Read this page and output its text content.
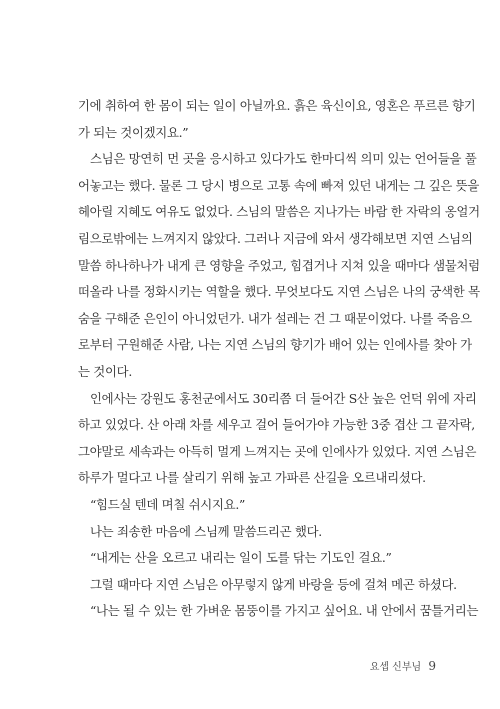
기에 취하여 한 몸이 되는 일이 아닐까요. 흙은 육신이요, 영혼은 푸르른 향기
가 되는 것이겠지요.”
스님은 망연히 먼 곳을 응시하고 있다가도 한마디씩 의미 있는 언어들을 풀
어놓고는 했다. 물론 그 당시 병으로 고통 속에 빠져 있던 내게는 그 깊은 뜻을
헤아릴 지혜도 여유도 없었다. 스님의 말씀은 지나가는 바람 한 자락의 옹얼거
림으로밖에는 느껴지지 않았다. 그러나 지금에 와서 생각해보면 지연 스님의
말씀 하나하나가 내게 큰 영향을 주었고, 힘겹거나 지쳐 있을 때마다 샘물처럼
떠올라 나를 정화시키는 역할을 했다. 무엇보다도 지연 스님은 나의 궁색한 목
숨을 구해준 은인이 아니었던가. 내가 설레는 건 그 때문이었다. 나를 죽음으
로부터 구원해준 사람, 나는 지연 스님의 향기가 배어 있는 인에사를 찾아 가
는 것이다.
인에사는 강원도 홍천군에서도 30리쯤 더 들어간 S산 높은 언덕 위에 자리
하고 있었다. 산 아래 차를 세우고 걸어 들어가야 가능한 3중 겹산 그 끝자락,
그야말로 세속과는 아득히 멀게 느껴지는 곳에 인에사가 있었다. 지연 스님은
하루가 멀다고 나를 살리기 위해 높고 가파른 산길을 오르내리셨다.
“힘드실 텐데 며칠 쉬시지요.”
나는 죄송한 마음에 스님께 말씀드리곤 했다.
“내게는 산을 오르고 내리는 일이 도를 닦는 기도인 걸요.”
그럴 때마다 지연 스님은 아무렇지 않게 바랑을 등에 걸쳐 메곤 하셨다.
“나는 될 수 있는 한 가벼운 몸뚱이를 가지고 싶어요. 내 안에서 꿈틀거리는
요셉 신부님 9
